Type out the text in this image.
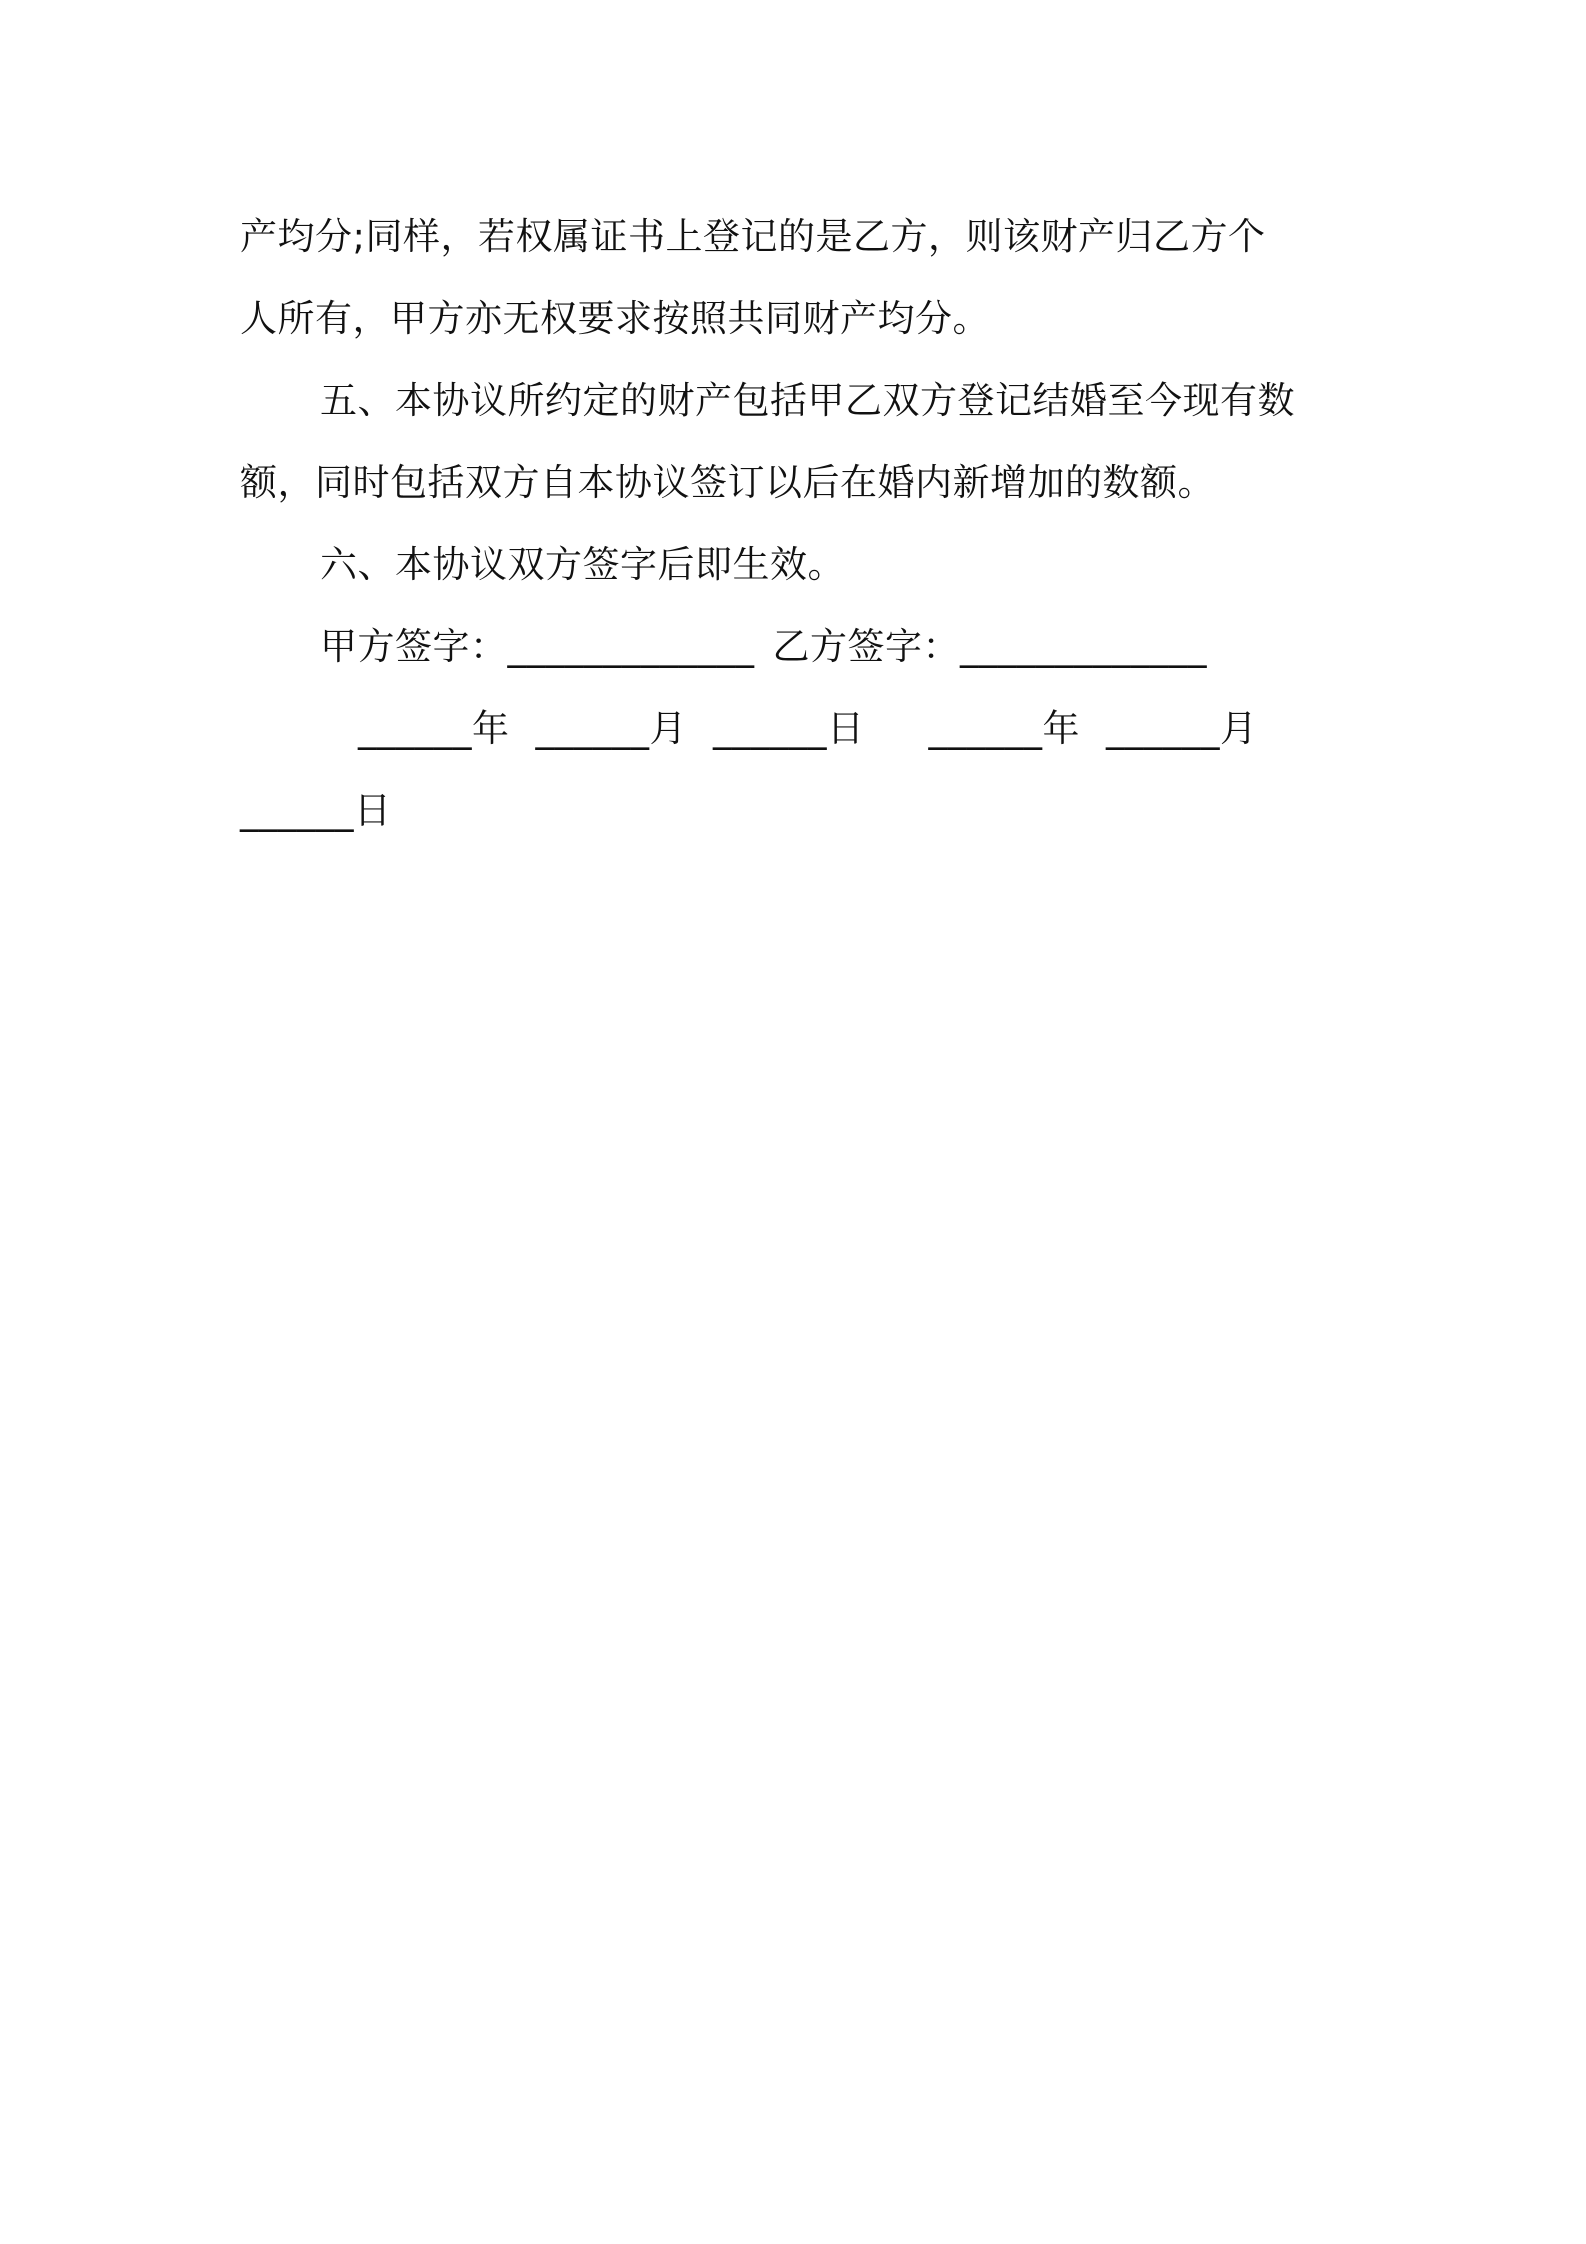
产均分;同样，若权属证书上登记的是乙方，则该财产归乙方个
人所有，甲方亦无权要求按照共同财产均分。
五、本协议所约定的财产包括甲乙双方登记结婚至今现有数
额，同时包括双方自本协议签订以后在婚内新增加的数额。
六、本协议双方签字后即生效。
甲方签字：_____________ 乙方签字：_____________
______年 ______月 ______日 ______年 ______月
______日
